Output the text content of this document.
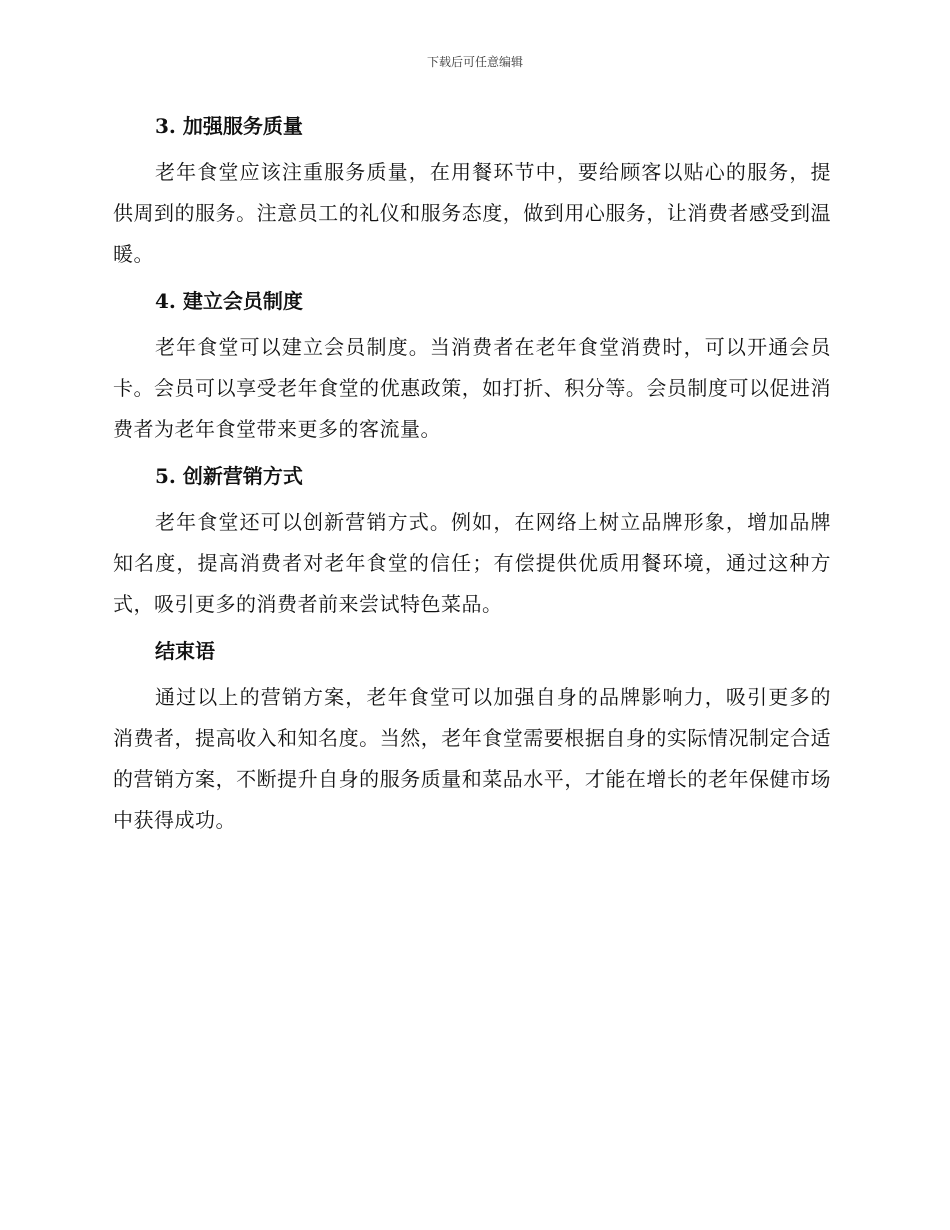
下载后可任意编辑
3. 加强服务质量

老年食堂应该注重服务质量，在用餐环节中，要给顾客以贴心的服务，提供周到的服务。注意员工的礼仪和服务态度，做到用心服务，让消费者感受到温暖。

4. 建立会员制度

老年食堂可以建立会员制度。当消费者在老年食堂消费时，可以开通会员卡。会员可以享受老年食堂的优惠政策，如打折、积分等。会员制度可以促进消费者为老年食堂带来更多的客流量。

5. 创新营销方式

老年食堂还可以创新营销方式。例如，在网络上树立品牌形象，增加品牌知名度，提高消费者对老年食堂的信任；有偿提供优质用餐环境，通过这种方式，吸引更多的消费者前来尝试特色菜品。

结束语

通过以上的营销方案，老年食堂可以加强自身的品牌影响力，吸引更多的消费者，提高收入和知名度。当然，老年食堂需要根据自身的实际情况制定合适的营销方案，不断提升自身的服务质量和菜品水平，才能在增长的老年保健市场中获得成功。
